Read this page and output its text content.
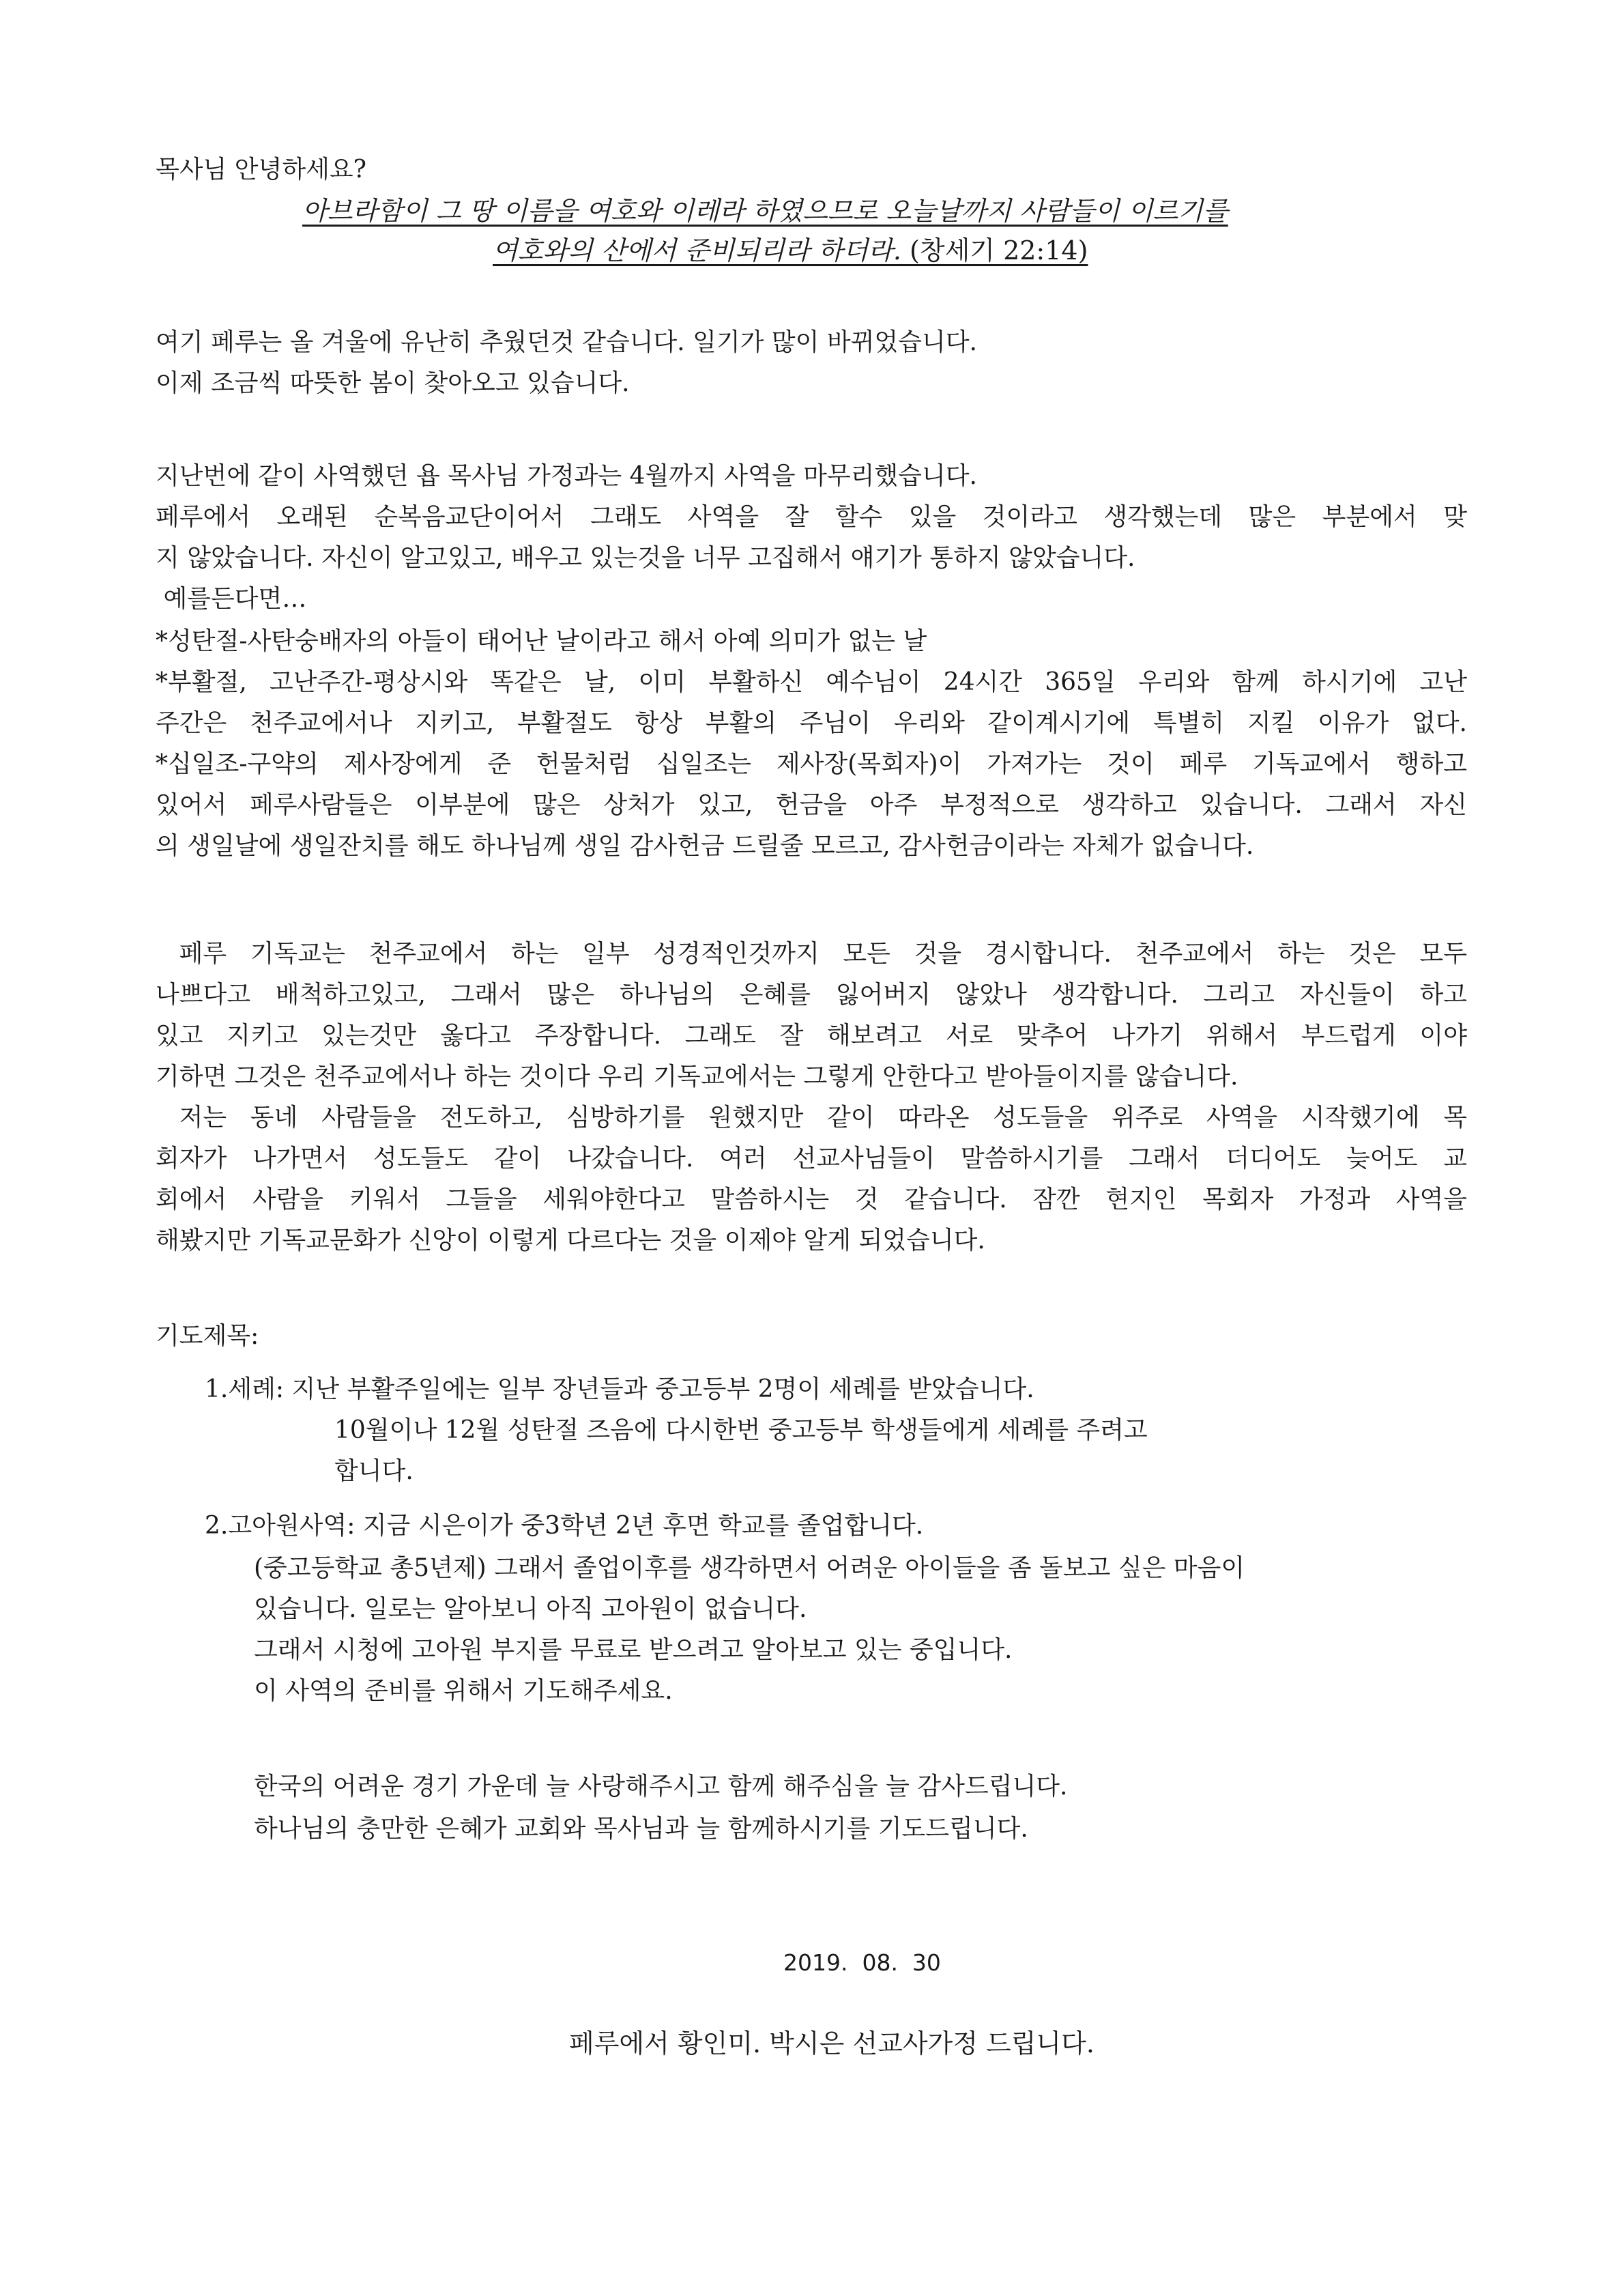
목사님 안녕하세요?
아브라함이 그 땅 이름을 여호와 이레라 하였으므로 오늘날까지 사람들이 이르기를
여호와의 산에서 준비되리라 하더라. (창세기 22:14)
여기 페루는 올 겨울에 유난히 추웠던것 같습니다. 일기가 많이 바뀌었습니다.
이제 조금씩 따뜻한 봄이 찾아오고 있습니다.
지난번에 같이 사역했던 욥 목사님 가정과는 4월까지 사역을 마무리했습니다.
페루에서 오래된 순복음교단이어서 그래도 사역을 잘 할수 있을 것이라고 생각했는데 많은 부분에서 맞
지 않았습니다. 자신이 알고있고, 배우고 있는것을 너무 고집해서 얘기가 통하지 않았습니다.
예를든다면…
*성탄절-사탄숭배자의 아들이 태어난 날이라고 해서 아예 의미가 없는 날
*부활절, 고난주간-평상시와 똑같은 날, 이미 부활하신 예수님이 24시간 365일 우리와 함께 하시기에 고난
주간은 천주교에서나 지키고, 부활절도 항상 부활의 주님이 우리와 같이계시기에 특별히 지킬 이유가 없다.
*십일조-구약의 제사장에게 준 헌물처럼 십일조는 제사장(목회자)이 가져가는 것이 페루 기독교에서 행하고
있어서 페루사람들은 이부분에 많은 상처가 있고, 헌금을 아주 부정적으로 생각하고 있습니다. 그래서 자신
의 생일날에 생일잔치를 해도 하나님께 생일 감사헌금 드릴줄 모르고, 감사헌금이라는 자체가 없습니다.
페루 기독교는 천주교에서 하는 일부 성경적인것까지 모든 것을 경시합니다. 천주교에서 하는 것은 모두
나쁘다고 배척하고있고, 그래서 많은 하나님의 은혜를 잃어버지 않았나 생각합니다. 그리고 자신들이 하고
있고 지키고 있는것만 옳다고 주장합니다. 그래도 잘 해보려고 서로 맞추어 나가기 위해서 부드럽게 이야
기하면 그것은 천주교에서나 하는 것이다 우리 기독교에서는 그렇게 안한다고 받아들이지를 않습니다.
저는 동네 사람들을 전도하고, 심방하기를 원했지만 같이 따라온 성도들을 위주로 사역을 시작했기에 목
회자가 나가면서 성도들도 같이 나갔습니다. 여러 선교사님들이 말씀하시기를 그래서 더디어도 늦어도 교
회에서 사람을 키워서 그들을 세워야한다고 말씀하시는 것 같습니다. 잠깐 현지인 목회자 가정과 사역을
해봤지만 기독교문화가 신앙이 이렇게 다르다는 것을 이제야 알게 되었습니다.
기도제목:
1.세례: 지난 부활주일에는 일부 장년들과 중고등부 2명이 세례를 받았습니다.
10월이나 12월 성탄절 즈음에 다시한번 중고등부 학생들에게 세례를 주려고
합니다.
2.고아원사역: 지금 시은이가 중3학년 2년 후면 학교를 졸업합니다.
(중고등학교 총5년제) 그래서 졸업이후를 생각하면서 어려운 아이들을 좀 돌보고 싶은 마음이
있습니다. 일로는 알아보니 아직 고아원이 없습니다.
그래서 시청에 고아원 부지를 무료로 받으려고 알아보고 있는 중입니다.
이 사역의 준비를 위해서 기도해주세요.
한국의 어려운 경기 가운데 늘 사랑해주시고 함께 해주심을 늘 감사드립니다.
하나님의 충만한 은혜가 교회와 목사님과 늘 함께하시기를 기도드립니다.
2019.  08.  30
페루에서 황인미. 박시은 선교사가정 드립니다.
